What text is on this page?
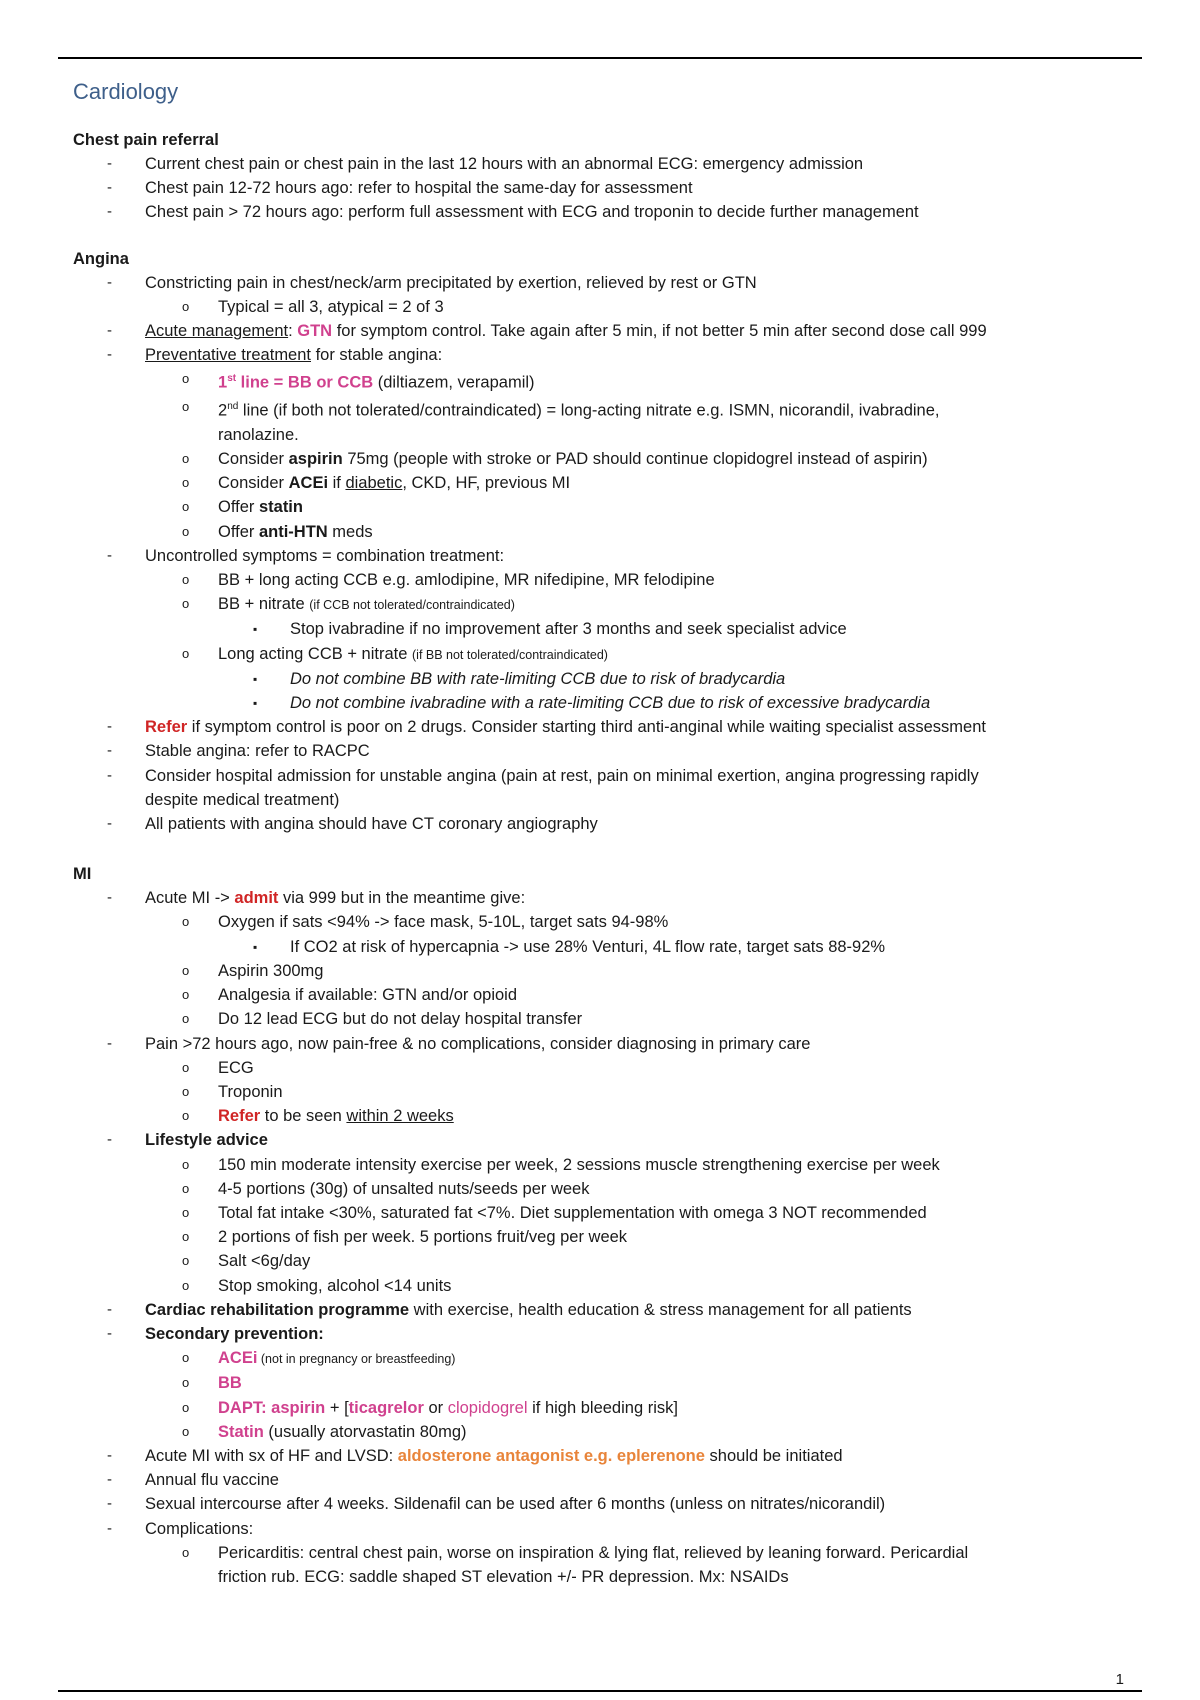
Cardiology
Chest pain referral
- Current chest pain or chest pain in the last 12 hours with an abnormal ECG: emergency admission
- Chest pain 12-72 hours ago: refer to hospital the same-day for assessment
- Chest pain > 72 hours ago: perform full assessment with ECG and troponin to decide further management
Angina
- Constricting pain in chest/neck/arm precipitated by exertion, relieved by rest or GTN
o Typical = all 3, atypical = 2 of 3
- Acute management: GTN for symptom control. Take again after 5 min, if not better 5 min after second dose call 999
- Preventative treatment for stable angina:
o 1st line = BB or CCB (diltiazem, verapamil)
o 2nd line (if both not tolerated/contraindicated) = long-acting nitrate e.g. ISMN, nicorandil, ivabradine,
ranolazine.
o Consider aspirin 75mg (people with stroke or PAD should continue clopidogrel instead of aspirin)
o Consider ACEi if diabetic, CKD, HF, previous MI
o Offer statin
o Offer anti-HTN meds
- Uncontrolled symptoms = combination treatment:
o BB + long acting CCB e.g. amlodipine, MR nifedipine, MR felodipine
o BB + nitrate (if CCB not tolerated/contraindicated)
▪ Stop ivabradine if no improvement after 3 months and seek specialist advice
o Long acting CCB + nitrate (if BB not tolerated/contraindicated)
▪ Do not combine BB with rate-limiting CCB due to risk of bradycardia
▪ Do not combine ivabradine with a rate-limiting CCB due to risk of excessive bradycardia
- Refer if symptom control is poor on 2 drugs. Consider starting third anti-anginal while waiting specialist assessment
- Stable angina: refer to RACPC
- Consider hospital admission for unstable angina (pain at rest, pain on minimal exertion, angina progressing rapidly
despite medical treatment)
- All patients with angina should have CT coronary angiography
MI
- Acute MI -> admit via 999 but in the meantime give:
o Oxygen if sats <94% -> face mask, 5-10L, target sats 94-98%
▪ If CO2 at risk of hypercapnia -> use 28% Venturi, 4L flow rate, target sats 88-92%
o Aspirin 300mg
o Analgesia if available: GTN and/or opioid
o Do 12 lead ECG but do not delay hospital transfer
- Pain >72 hours ago, now pain-free & no complications, consider diagnosing in primary care
o ECG
o Troponin
o Refer to be seen within 2 weeks
- Lifestyle advice
o 150 min moderate intensity exercise per week, 2 sessions muscle strengthening exercise per week
o 4-5 portions (30g) of unsalted nuts/seeds per week
o Total fat intake <30%, saturated fat <7%. Diet supplementation with omega 3 NOT recommended
o 2 portions of fish per week. 5 portions fruit/veg per week
o Salt <6g/day
o Stop smoking, alcohol <14 units
- Cardiac rehabilitation programme with exercise, health education & stress management for all patients
- Secondary prevention:
o ACEi (not in pregnancy or breastfeeding)
o BB
o DAPT: aspirin + [ticagrelor or clopidogrel if high bleeding risk]
o Statin (usually atorvastatin 80mg)
- Acute MI with sx of HF and LVSD: aldosterone antagonist e.g. eplerenone should be initiated
- Annual flu vaccine
- Sexual intercourse after 4 weeks. Sildenafil can be used after 6 months (unless on nitrates/nicorandil)
- Complications:
o Pericarditis: central chest pain, worse on inspiration & lying flat, relieved by leaning forward. Pericardial
friction rub. ECG: saddle shaped ST elevation +/- PR depression. Mx: NSAIDs
1
